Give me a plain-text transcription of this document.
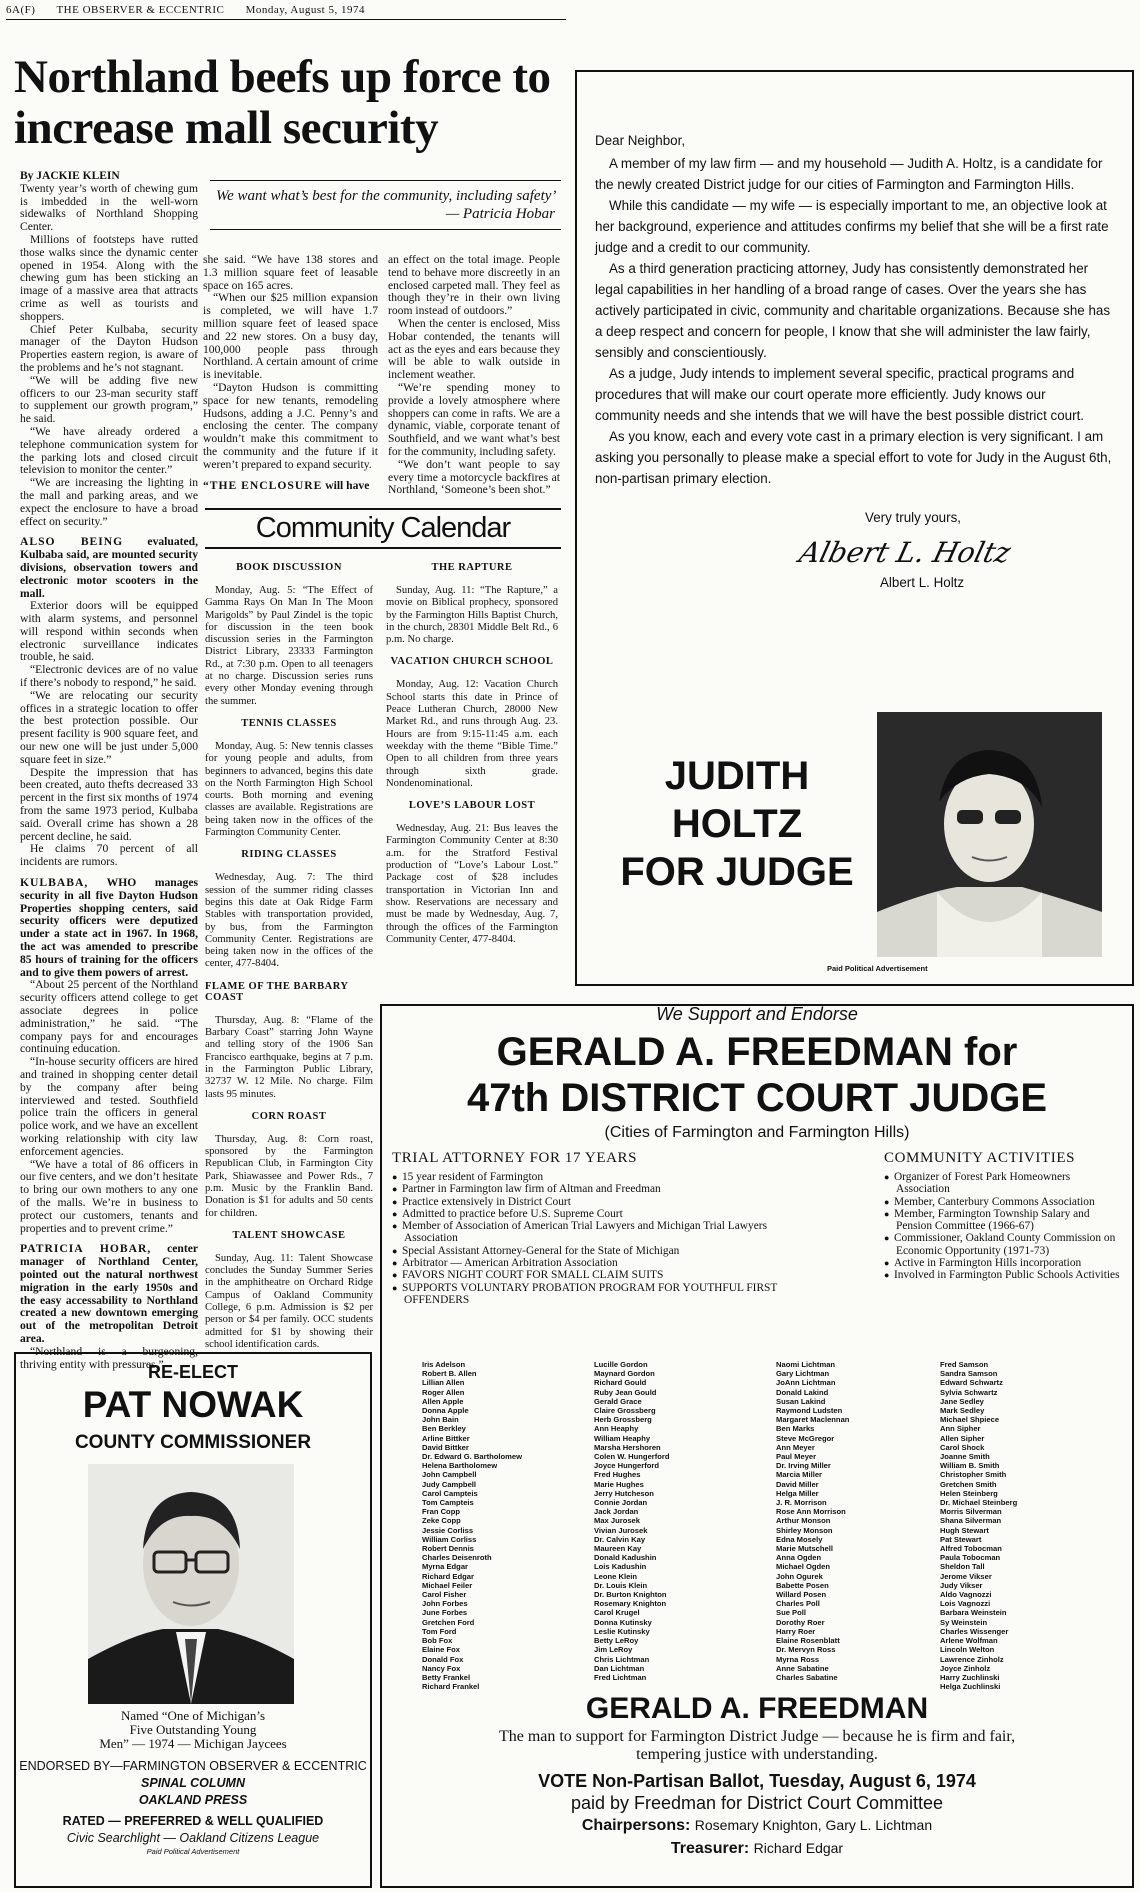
6A(F) THE OBSERVER & ECCENTRIC Monday, August 5, 1974
Northland beefs up force to increase mall security
We want what’s best for the community, including safety’

— Patricia Hobar

By JACKIE KLEIN

Twenty year’s worth of chewing gum is imbedded in the well-worn sidewalks of Northland Shopping Center.

Millions of footsteps have rutted those walks since the dynamic center opened in 1954. Along with the chewing gum has been sticking an image of a massive area that attracts crime as well as tourists and shoppers.

Chief Peter Kulbaba, security manager of the Dayton Hudson Properties eastern region, is aware of the problems and he’s not stagnant.

“We will be adding five new officers to our 23-man security staff to supplement our growth program,” he said.

“We have already ordered a telephone communication system for the parking lots and closed circuit television to monitor the center.”

“We are increasing the lighting in the mall and parking areas, and we expect the enclosure to have a broad effect on security.”

ALSO BEING evaluated, Kulbaba said, are mounted security divisions, observation towers and electronic motor scooters in the mall.

Exterior doors will be equipped with alarm systems, and personnel will respond within seconds when electronic surveillance indicates trouble, he said.

“Electronic devices are of no value if there’s nobody to respond,” he said.

“We are relocating our security offices in a strategic location to offer the best protection possible. Our present facility is 900 square feet, and our new one will be just under 5,000 square feet in size.”

Despite the impression that has been created, auto thefts decreased 33 percent in the first six months of 1974 from the same 1973 period, Kulbaba said. Overall crime has shown a 28 percent decline, he said.

He claims 70 percent of all incidents are rumors.

KULBABA, WHO manages security in all five Dayton Hudson Properties shopping centers, said security officers were deputized under a state act in 1967. In 1968, the act was amended to prescribe 85 hours of training for the officers and to give them powers of arrest.

“About 25 percent of the Northland security officers attend college to get associate degrees in police administration,” he said. “The company pays for and encourages continuing education.

“In-house security officers are hired and trained in shopping center detail by the company after being interviewed and tested. Southfield police train the officers in general police work, and we have an excellent working relationship with city law enforcement agencies.

“We have a total of 86 officers in our five centers, and we don’t hesitate to bring our own mothers to any one of the malls. We’re in business to protect our customers, tenants and properties and to prevent crime.”

PATRICIA HOBAR, center manager of Northland Center, pointed out the natural northwest migration in the early 1950s and the easy accessability to Northland created a new downtown emerging out of the metropolitan Detroit area.

“Northland is a burgeoning, thriving entity with pressures,”

she said. “We have 138 stores and 1.3 million square feet of leasable space on 165 acres.

“When our $25 million expansion is completed, we will have 1.7 million square feet of leased space and 22 new stores. On a busy day, 100,000 people pass through Northland. A certain amount of crime is inevitable.

“Dayton Hudson is committing space for new tenants, remodeling Hudsons, adding a J.C. Penny’s and enclosing the center. The company wouldn’t make this commitment to the community and the future if it weren’t prepared to expand security.

“THE ENCLOSURE will have

an effect on the total image. People tend to behave more discreetly in an enclosed carpeted mall. They feel as though they’re in their own living room instead of outdoors.”

When the center is enclosed, Miss Hobar contended, the tenants will act as the eyes and ears because they will be able to walk outside in inclement weather.

“We’re spending money to provide a lovely atmosphere where shoppers can come in rafts. We are a dynamic, viable, corporate tenant of Southfield, and we want what’s best for the community, including safety.

“We don’t want people to say every time a motorcycle backfires at Northland, ‘Someone’s been shot.”

Community Calendar
BOOK DISCUSSION

Monday, Aug. 5: “The Effect of Gamma Rays On Man In The Moon Marigolds” by Paul Zindel is the topic for discussion in the teen book discussion series in the Farmington District Library, 23333 Farmington Rd., at 7:30 p.m. Open to all teenagers at no charge. Discussion series runs every other Monday evening through the summer.

TENNIS CLASSES

Monday, Aug. 5: New tennis classes for young people and adults, from beginners to advanced, begins this date on the North Farmington High School courts. Both morning and evening classes are available. Registrations are being taken now in the offices of the Farmington Community Center.

RIDING CLASSES

Wednesday, Aug. 7: The third session of the summer riding classes begins this date at Oak Ridge Farm Stables with transportation provided, by bus, from the Farmington Community Center. Registrations are being taken now in the offices of the center, 477-8404.

FLAME OF THE BARBARY COAST

Thursday, Aug. 8: “Flame of the Barbary Coast” starring John Wayne and telling story of the 1906 San Francisco earthquake, begins at 7 p.m. in the Farmington Public Library, 32737 W. 12 Mile. No charge. Film lasts 95 minutes.

CORN ROAST

Thursday, Aug. 8: Corn roast, sponsored by the Farmington Republican Club, in Farmington City Park, Shiawassee and Power Rds., 7 p.m. Music by the Franklin Band. Donation is $1 for adults and 50 cents for children.

TALENT SHOWCASE

Sunday, Aug. 11: Talent Showcase concludes the Sunday Summer Series in the amphitheatre on Orchard Ridge Campus of Oakland Community College, 6 p.m. Admission is $2 per person or $4 per family. OCC students admitted for $1 by showing their school identification cards.

THE RAPTURE

Sunday, Aug. 11: “The Rapture,” a movie on Biblical prophecy, sponsored by the Farmington Hills Baptist Church, in the church, 28301 Middle Belt Rd., 6 p.m. No charge.

VACATION CHURCH SCHOOL

Monday, Aug. 12: Vacation Church School starts this date in Prince of Peace Lutheran Church, 28000 New Market Rd., and runs through Aug. 23. Hours are from 9:15-11:45 a.m. each weekday with the theme “Bible Time.” Open to all children from three years through sixth grade. Nondenominational.

LOVE’S LABOUR LOST

Wednesday, Aug. 21: Bus leaves the Farmington Community Center at 8:30 a.m. for the Stratford Festival production of “Love’s Labour Lost.” Package cost of $28 includes transportation in Victorian Inn and show. Reservations are necessary and must be made by Wednesday, Aug. 7, through the offices of the Farmington Community Center, 477-8404.

Dear Neighbor,

A member of my law firm — and my household — Judith A. Holtz, is a candidate for the newly created District judge for our cities of Farmington and Farmington Hills.

While this candidate — my wife — is especially important to me, an objective look at her background, experience and attitudes confirms my belief that she will be a first rate judge and a credit to our community.

As a third generation practicing attorney, Judy has consistently demonstrated her legal capabilities in her handling of a broad range of cases. Over the years she has actively participated in civic, community and charitable organizations. Because she has a deep respect and concern for people, I know that she will administer the law fairly, sensibly and conscientiously.

As a judge, Judy intends to implement several specific, practical programs and procedures that will make our court operate more efficiently. Judy knows our community needs and she intends that we will have the best possible district court.

As you know, each and every vote cast in a primary election is very significant. I am asking you personally to please make a special effort to vote for Judy in the August 6th, non-partisan primary election.

Very truly yours,
Albert L. Holtz
Albert L. Holtz
JUDITH HOLTZ
FOR JUDGE
Paid Political Advertisement
RE-ELECT
PAT NOWAK
COUNTY COMMISSIONER
Named “One of Michigan’s
Five Outstanding Young
Men” — 1974 — Michigan Jaycees
ENDORSED BY—FARMINGTON OBSERVER & ECCENTRIC
SPINAL COLUMN
OAKLAND PRESS
RATED — PREFERRED & WELL QUALIFIED
Civic Searchlight — Oakland Citizens League
Paid Political Advertisement
We Support and Endorse
GERALD A. FREEDMAN for
47th DISTRICT COURT JUDGE
(Cities of Farmington and Farmington Hills)
TRIAL ATTORNEY FOR 17 YEARS
●  15 year resident of Farmington
●  Partner in Farmington law firm of Altman and Freedman
●  Practice extensively in District Court
●  Admitted to practice before U.S. Supreme Court
●  Member of Association of American Trial Lawyers and Michigan Trial Lawyers Association
●  Special Assistant Attorney-General for the State of Michigan
●  Arbitrator — American Arbitration Association
●  FAVORS NIGHT COURT FOR SMALL CLAIM SUITS
●  SUPPORTS VOLUNTARY PROBATION PROGRAM FOR YOUTHFUL FIRST OFFENDERS
COMMUNITY ACTIVITIES
●  Organizer of Forest Park Homeowners Association
●  Member, Canterbury Commons Association
●  Member, Farmington Township Salary and Pension Committee (1966-67)
●  Commissioner, Oakland County Commission on Economic Opportunity (1971-73)
●  Active in Farmington Hills incorporation
●  Involved in Farmington Public Schools Activities
Iris Adelson
Robert B. Allen
Lillian Allen
Roger Allen
Allen Apple
Donna Apple
John Bain
Ben Berkley
Arline Bittker
David Bittker
Dr. Edward G. Bartholomew
Helena Bartholomew
John Campbell
Judy Campbell
Carol Campteis
Tom Campteis
Fran Copp
Zeke Copp
Jessie Corliss
William Corliss
Robert Dennis
Charles Deisenroth
Myrna Edgar
Richard Edgar
Michael Feiler
Carol Fisher
John Forbes
June Forbes
Gretchen Ford
Tom Ford
Bob Fox
Elaine Fox
Donald Fox
Nancy Fox
Betty Frankel
Richard Frankel
Lucille Gordon
Maynard Gordon
Richard Gould
Ruby Jean Gould
Gerald Grace
Claire Grossberg
Herb Grossberg
Ann Heaphy
William Heaphy
Marsha Hershoren
Colen W. Hungerford
Joyce Hungerford
Fred Hughes
Marie Hughes
Jerry Hutcheson
Connie Jordan
Jack Jordan
Max Jurosek
Vivian Jurosek
Dr. Calvin Kay
Maureen Kay
Donald Kadushin
Lois Kadushin
Leone Klein
Dr. Louis Klein
Dr. Burton Knighton
Rosemary Knighton
Carol Krugel
Donna Kutinsky
Leslie Kutinsky
Betty LeRoy
Jim LeRoy
Chris Lichtman
Dan Lichtman
Fred Lichtman
Naomi Lichtman
Gary Lichtman
JoAnn Lichtman
Donald Lakind
Susan Lakind
Raymond Ludsten
Margaret Maclennan
Ben Marks
Steve McGregor
Ann Meyer
Paul Meyer
Dr. Irving Miller
Marcia Miller
David Miller
Helga Miller
J. R. Morrison
Rose Ann Morrison
Arthur Monson
Shirley Monson
Edna Mosely
Marie Mutschell
Anna Ogden
Michael Ogden
John Ogurek
Babette Posen
Willard Posen
Charles Poll
Sue Poll
Dorothy Roer
Harry Roer
Elaine Rosenblatt
Dr. Mervyn Ross
Myrna Ross
Anne Sabatine
Charles Sabatine
Fred Samson
Sandra Samson
Edward Schwartz
Sylvia Schwartz
Jane Sedley
Mark Sedley
Michael Shpiece
Ann Sipher
Allen Sipher
Carol Shock
Joanne Smith
William B. Smith
Christopher Smith
Gretchen Smith
Helen Steinberg
Dr. Michael Steinberg
Morris Silverman
Shana Silverman
Hugh Stewart
Pat Stewart
Alfred Tobocman
Paula Tobocman
Sheldon Tall
Jerome Vikser
Judy Vikser
Aldo Vagnozzi
Lois Vagnozzi
Barbara Weinstein
Sy Weinstein
Charles Wissenger
Arlene Wolfman
Lincoln Welton
Lawrence Zinholz
Joyce Zinholz
Harry Zuchlinski
Helga Zuchlinski
GERALD A. FREEDMAN
The man to support for Farmington District Judge — because he is firm and fair,
tempering justice with understanding.
VOTE Non-Partisan Ballot, Tuesday, August 6, 1974
paid by Freedman for District Court Committee
Chairpersons: Rosemary Knighton, Gary L. Lichtman
Treasurer: Richard Edgar
